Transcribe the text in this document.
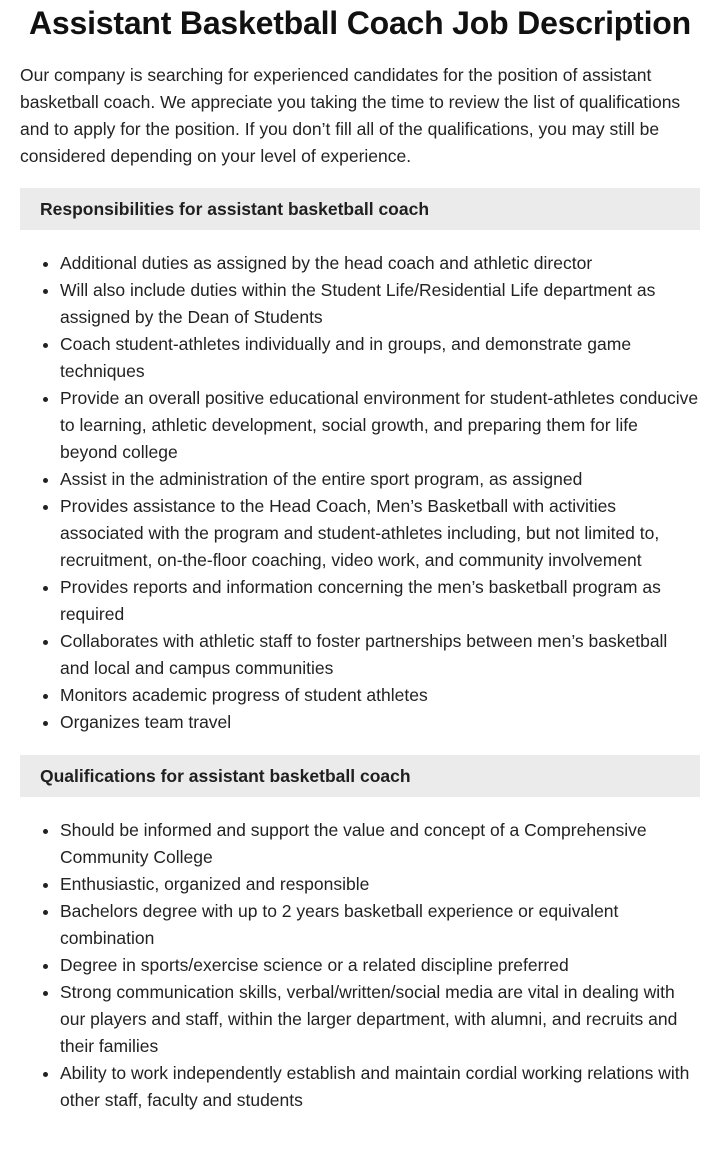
Assistant Basketball Coach Job Description

Our company is searching for experienced candidates for the position of assistant basketball coach. We appreciate you taking the time to review the list of qualifications and to apply for the position. If you don’t fill all of the qualifications, you may still be considered depending on your level of experience.

Responsibilities for assistant basketball coach
• Additional duties as assigned by the head coach and athletic director
• Will also include duties within the Student Life/Residential Life department as assigned by the Dean of Students
• Coach student-athletes individually and in groups, and demonstrate game techniques
• Provide an overall positive educational environment for student-athletes conducive to learning, athletic development, social growth, and preparing them for life beyond college
• Assist in the administration of the entire sport program, as assigned
• Provides assistance to the Head Coach, Men’s Basketball with activities associated with the program and student-athletes including, but not limited to, recruitment, on-the-floor coaching, video work, and community involvement
• Provides reports and information concerning the men’s basketball program as required
• Collaborates with athletic staff to foster partnerships between men’s basketball and local and campus communities
• Monitors academic progress of student athletes
• Organizes team travel
Qualifications for assistant basketball coach
• Should be informed and support the value and concept of a Comprehensive Community College
• Enthusiastic, organized and responsible
• Bachelors degree with up to 2 years basketball experience or equivalent combination
• Degree in sports/exercise science or a related discipline preferred
• Strong communication skills, verbal/written/social media are vital in dealing with our players and staff, within the larger department, with alumni, and recruits and their families
• Ability to work independently establish and maintain cordial working relations with other staff, faculty and students
